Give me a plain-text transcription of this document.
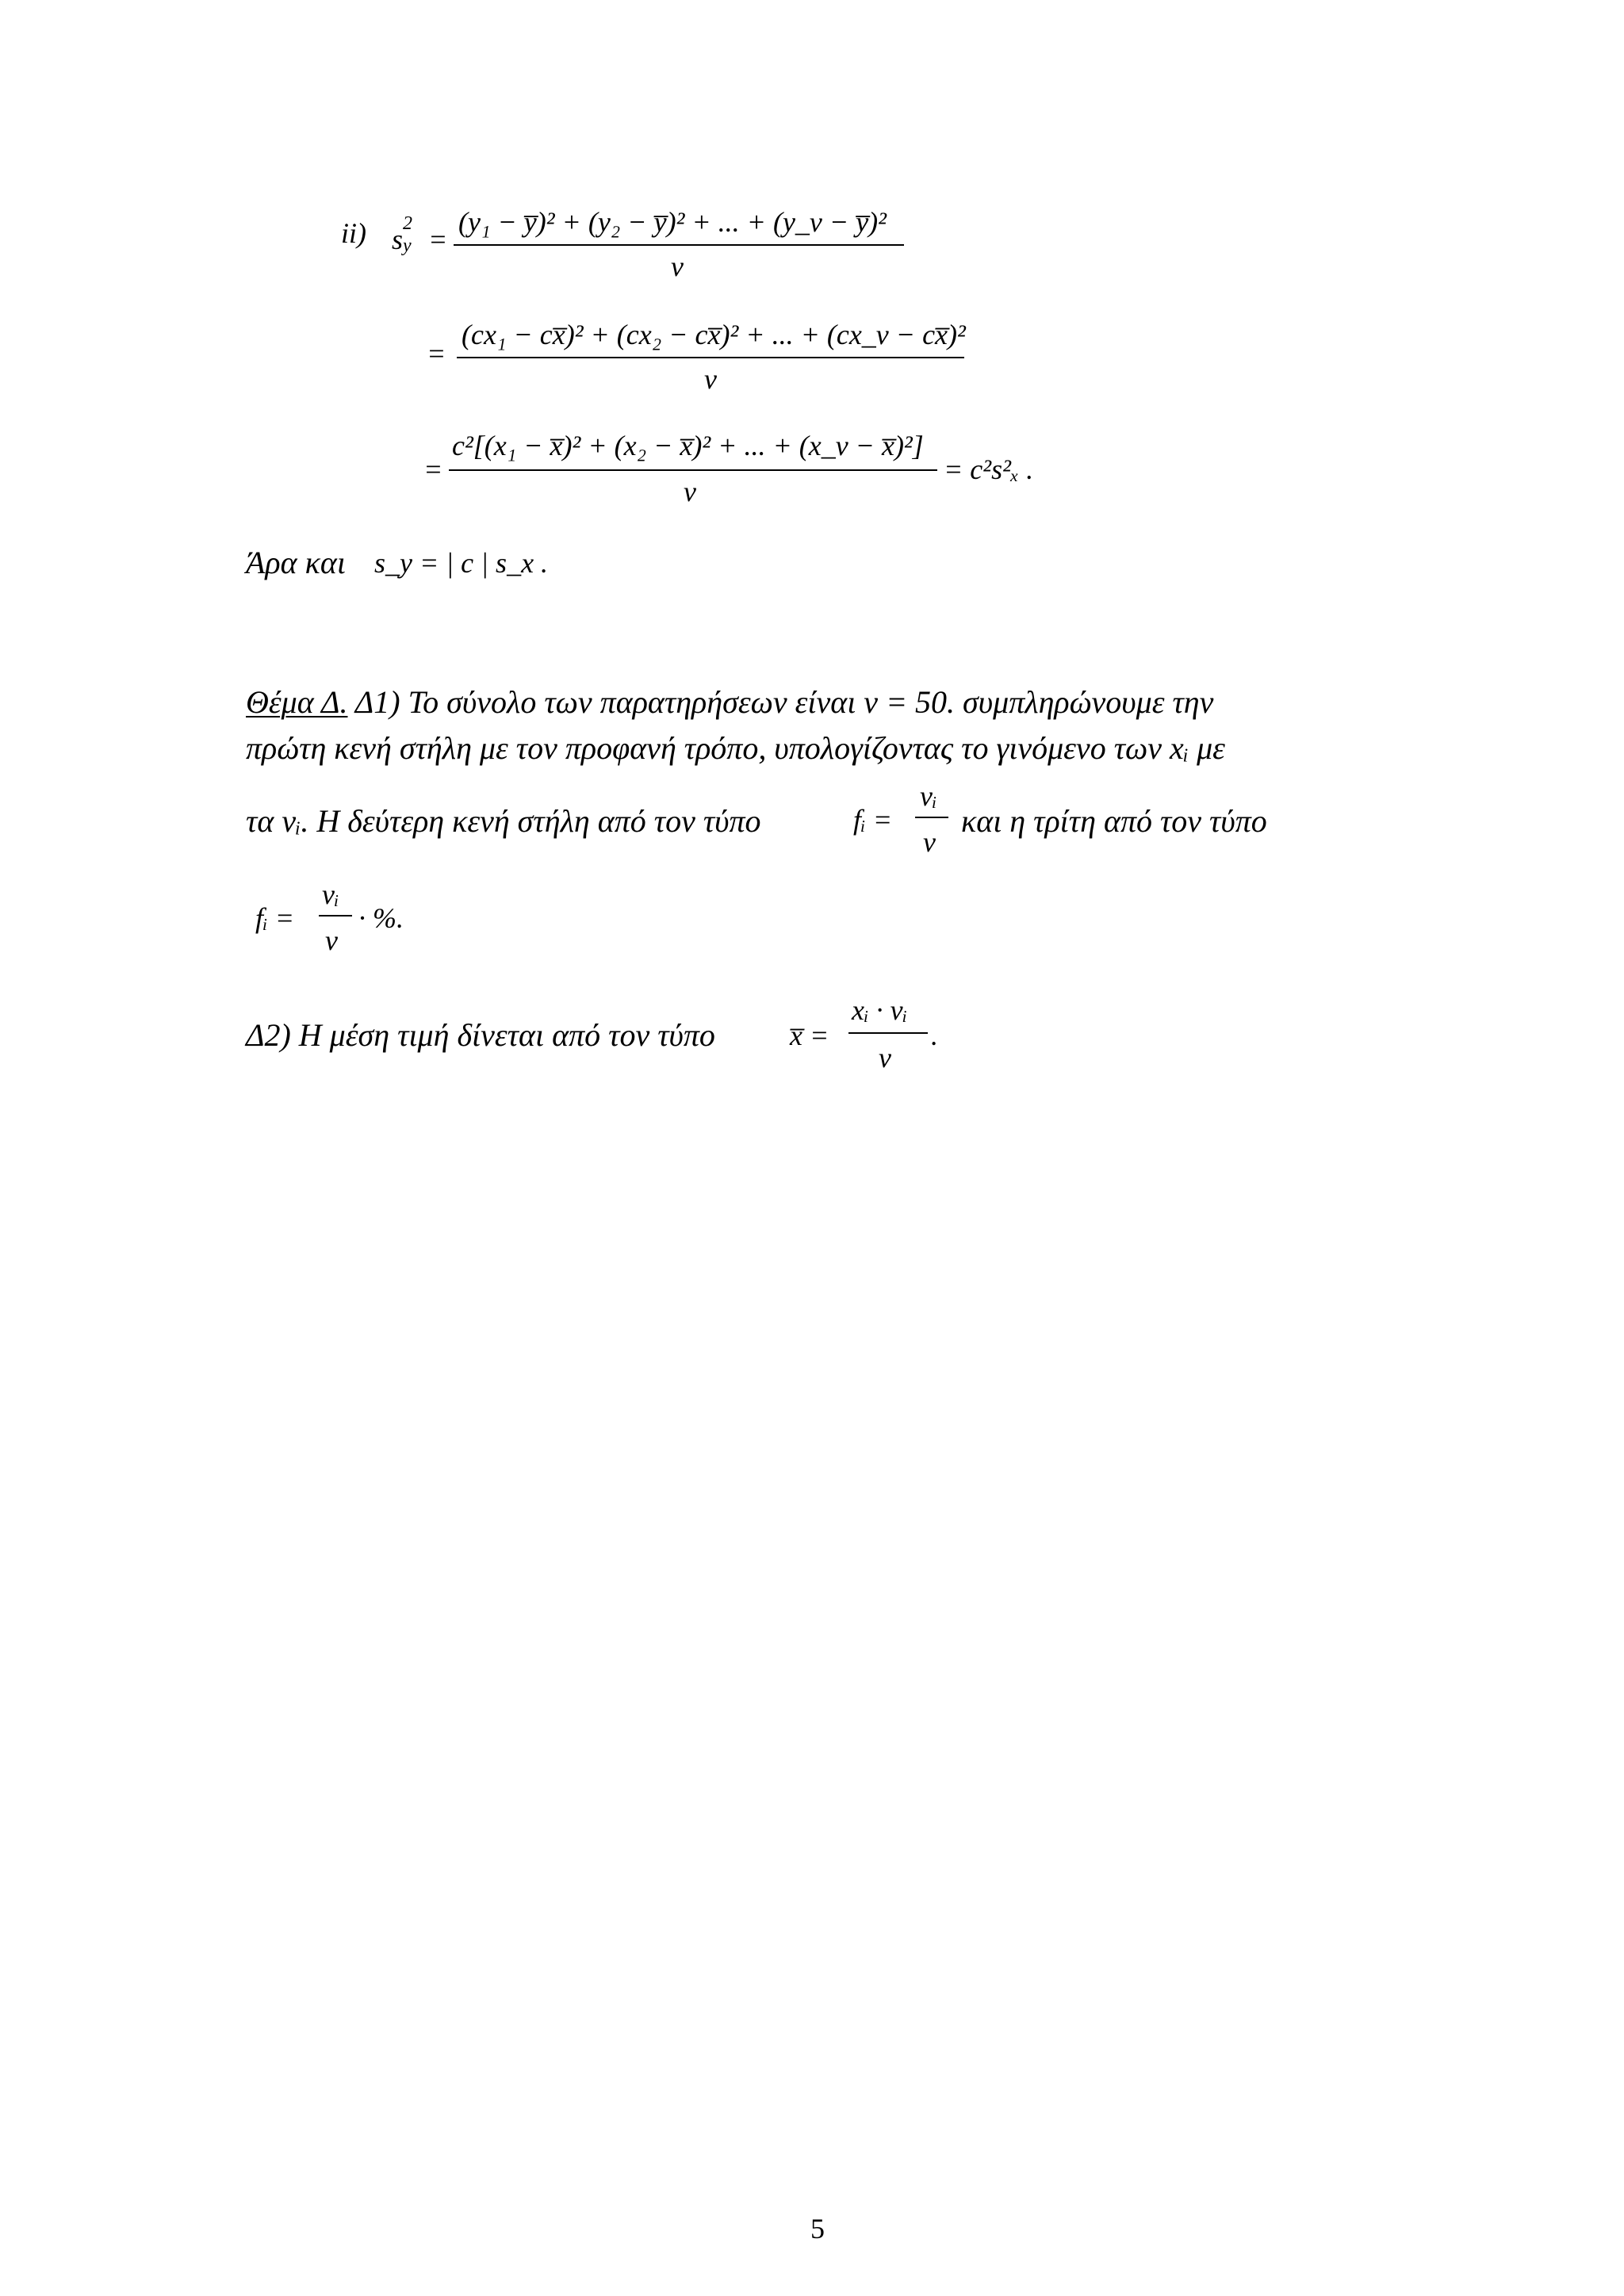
ii) s 2
y =
(y₁ − y̅)² + (y₂ − y̅)² + ... + (y_ν − y̅)²
ν
=
(cx₁ − cx̅)² + (cx₂ − cx̅)² + ... + (cx_ν − cx̅)²
ν
=
c²[(x₁ − x̅)² + (x₂ − x̅)² + ... + (x_ν − x̅)²]
ν
= c²s²ₓ .
Άρα και s_y = | c | s_x .
Θέμα Δ. Δ1) Το σύνολο των παρατηρήσεων είναι ν = 50. συμπληρώνουμε την
πρώτη κενή στήλη με τον προφανή τρόπο, υπολογίζοντας το γινόμενο των xᵢ με
τα νᵢ. Η δεύτερη κενή στήλη από τον τύπο	fᵢ =
νᵢ
ν
και η τρίτη από τον τύπο
fᵢ =
νᵢ
ν
· %.
Δ2) Η μέση τιμή δίνεται από τον τύπο	x̅ =
xᵢ · νᵢ
ν
.
5
